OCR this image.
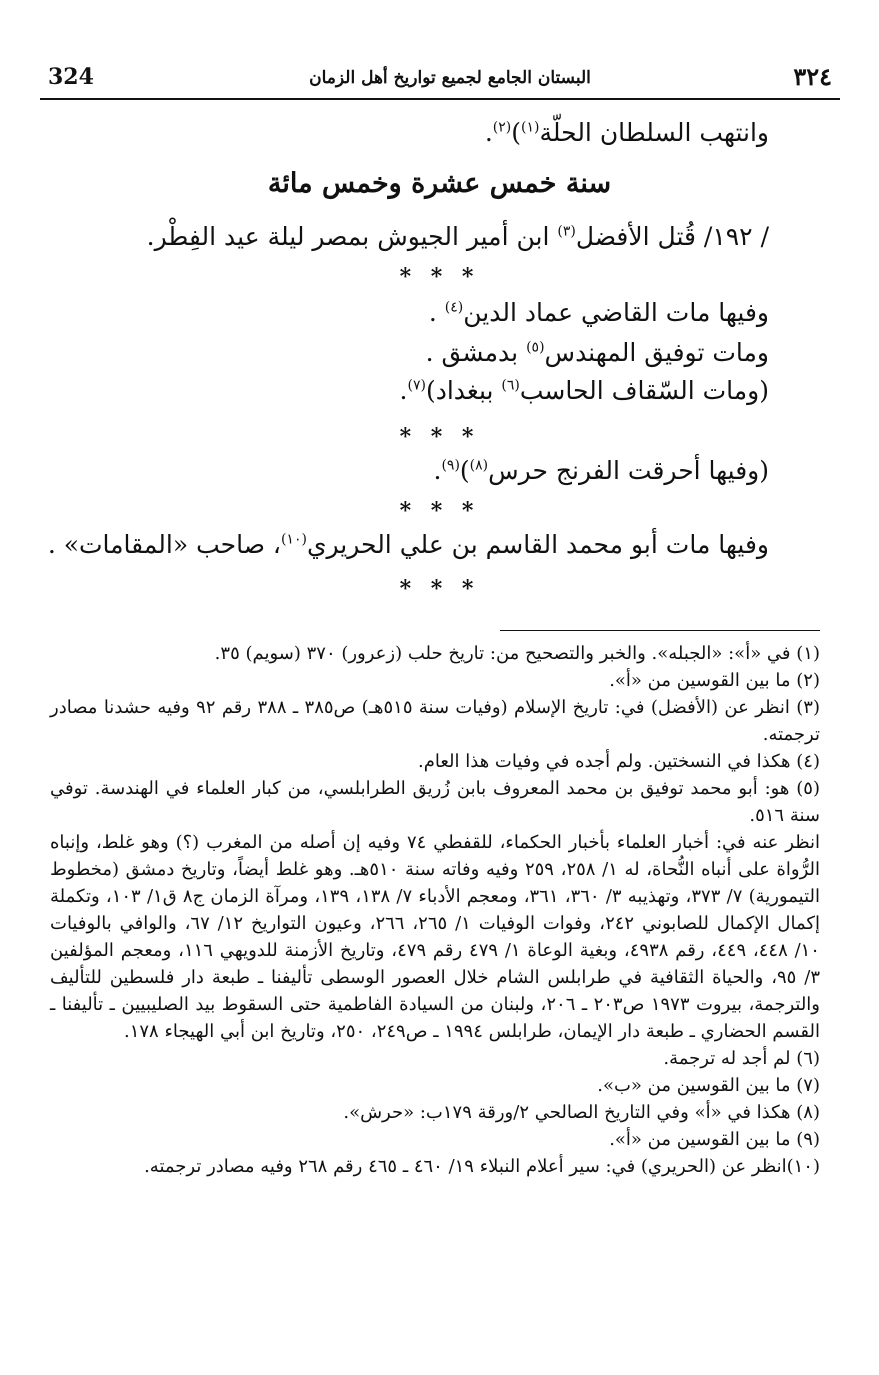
324	البستان الجامع لجميع تواريخ أهل الزمان	٣٢٤
وانتهب السلطان الحلّة$^{(١)}$)$^{(٢)}$.
سنة خمس عشرة وخمس مائة
/ ١٩٢/ قُتل الأفضل$^{(٣)}$ ابن أمير الجيوش بمصر ليلة عيد الفِطْر.
* * *
وفيها مات القاضي عماد الدين$^{(٤)}$ .
ومات توفيق المهندس$^{(٥)}$ بدمشق .
(ومات السّقاف الحاسب$^{(٦)}$ ببغداد)$^{(٧)}$.
* * *
(وفيها أحرقت الفرنج حرس$^{(٨)}$)$^{(٩)}$.
* * *
وفيها مات أبو محمد القاسم بن علي الحريري$^{(١٠)}$، صاحب «المقامات» .
* * *

(١) في «أ»: «الجبله». والخبر والتصحيح من: تاريخ حلب (زعرور) ٣٧٠ (سويم) ٣٥.

(٢) ما بين القوسين من «أ».

(٣) انظر عن (الأفضل) في: تاريخ الإسلام (وفيات سنة ٥١٥هـ) ص٣٨٥ ـ ٣٨٨ رقم ٩٢ وفيه حشدنا مصادر ترجمته.

(٤) هكذا في النسختين. ولم أجده في وفيات هذا العام.

(٥) هو: أبو محمد توفيق بن محمد المعروف بابن زُريق الطرابلسي، من كبار العلماء في الهندسة. توفي سنة ٥١٦.

انظر عنه في: أخبار العلماء بأخبار الحكماء، للقفطي ٧٤ وفيه إن أصله من المغرب (؟) وهو غلط، وإنباه الرُّواة على أنباه النُّحاة، له ١/ ٢٥٨، ٢٥٩ وفيه وفاته سنة ٥١٠هـ. وهو غلط أيضاً، وتاريخ دمشق (مخطوط التيمورية) ٧/ ٣٧٣، وتهذيبه ٣/ ٣٦٠، ٣٦١، ومعجم الأدباء ٧/ ١٣٨، ١٣٩، ومرآة الزمان ج٨ ق١/ ١٠٣، وتكملة إكمال الإكمال للصابوني ٢٤٢، وفوات الوفيات ١/ ٢٦٥، ٢٦٦، وعيون التواريخ ١٢/ ٦٧، والوافي بالوفيات ١٠/ ٤٤٨، ٤٤٩، رقم ٤٩٣٨، وبغية الوعاة ١/ ٤٧٩ رقم ٤٧٩، وتاريخ الأزمنة للدويهي ١١٦، ومعجم المؤلفين ٣/ ٩٥، والحياة الثقافية في طرابلس الشام خلال العصور الوسطى تأليفنا ـ طبعة دار فلسطين للتأليف والترجمة، بيروت ١٩٧٣ ص٢٠٣ ـ ٢٠٦، ولبنان من السيادة الفاطمية حتى السقوط بيد الصليبيين ـ تأليفنا ـ القسم الحضاري ـ طبعة دار الإيمان، طرابلس ١٩٩٤ ـ ص٢٤٩، ٢٥٠، وتاريخ ابن أبي الهيجاء ١٧٨.

(٦) لم أجد له ترجمة.

(٧) ما بين القوسين من «ب».

(٨) هكذا في «أ» وفي التاريخ الصالحي ٢/ورقة ١٧٩ب: «حرش».

(٩) ما بين القوسين من «أ».

(١٠)انظر عن (الحريري) في: سير أعلام النبلاء ١٩/ ٤٦٠ ـ ٤٦٥ رقم ٢٦٨ وفيه مصادر ترجمته.
